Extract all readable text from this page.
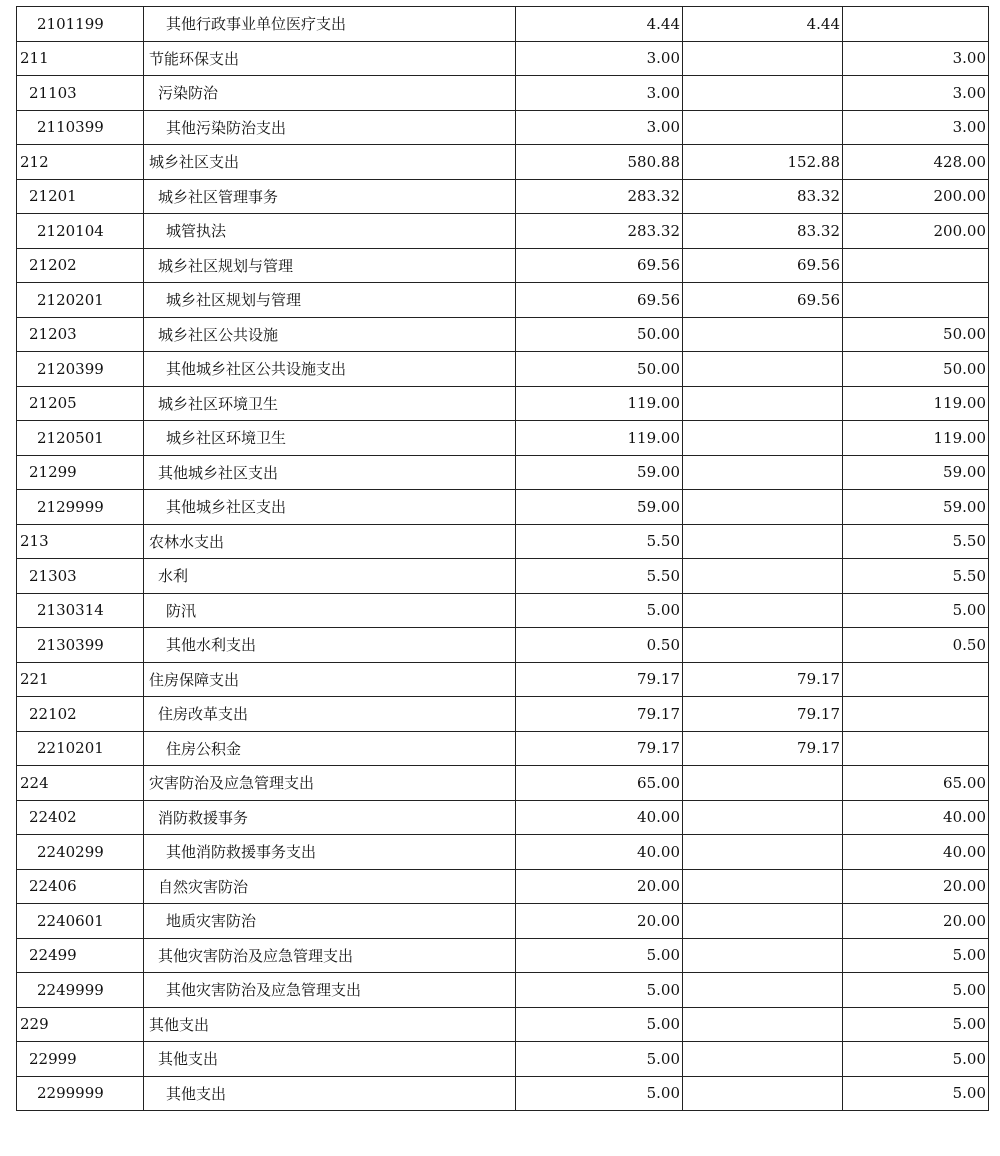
2101199	其他行政事业单位医疗支出	4.44	4.44	
211	节能环保支出	3.00		3.00
21103	污染防治	3.00		3.00
2110399	其他污染防治支出	3.00		3.00
212	城乡社区支出	580.88	152.88	428.00
21201	城乡社区管理事务	283.32	83.32	200.00
2120104	城管执法	283.32	83.32	200.00
21202	城乡社区规划与管理	69.56	69.56	
2120201	城乡社区规划与管理	69.56	69.56	
21203	城乡社区公共设施	50.00		50.00
2120399	其他城乡社区公共设施支出	50.00		50.00
21205	城乡社区环境卫生	119.00		119.00
2120501	城乡社区环境卫生	119.00		119.00
21299	其他城乡社区支出	59.00		59.00
2129999	其他城乡社区支出	59.00		59.00
213	农林水支出	5.50		5.50
21303	水利	5.50		5.50
2130314	防汛	5.00		5.00
2130399	其他水利支出	0.50		0.50
221	住房保障支出	79.17	79.17	
22102	住房改革支出	79.17	79.17	
2210201	住房公积金	79.17	79.17	
224	灾害防治及应急管理支出	65.00		65.00
22402	消防救援事务	40.00		40.00
2240299	其他消防救援事务支出	40.00		40.00
22406	自然灾害防治	20.00		20.00
2240601	地质灾害防治	20.00		20.00
22499	其他灾害防治及应急管理支出	5.00		5.00
2249999	其他灾害防治及应急管理支出	5.00		5.00
229	其他支出	5.00		5.00
22999	其他支出	5.00		5.00
2299999	其他支出	5.00		5.00
